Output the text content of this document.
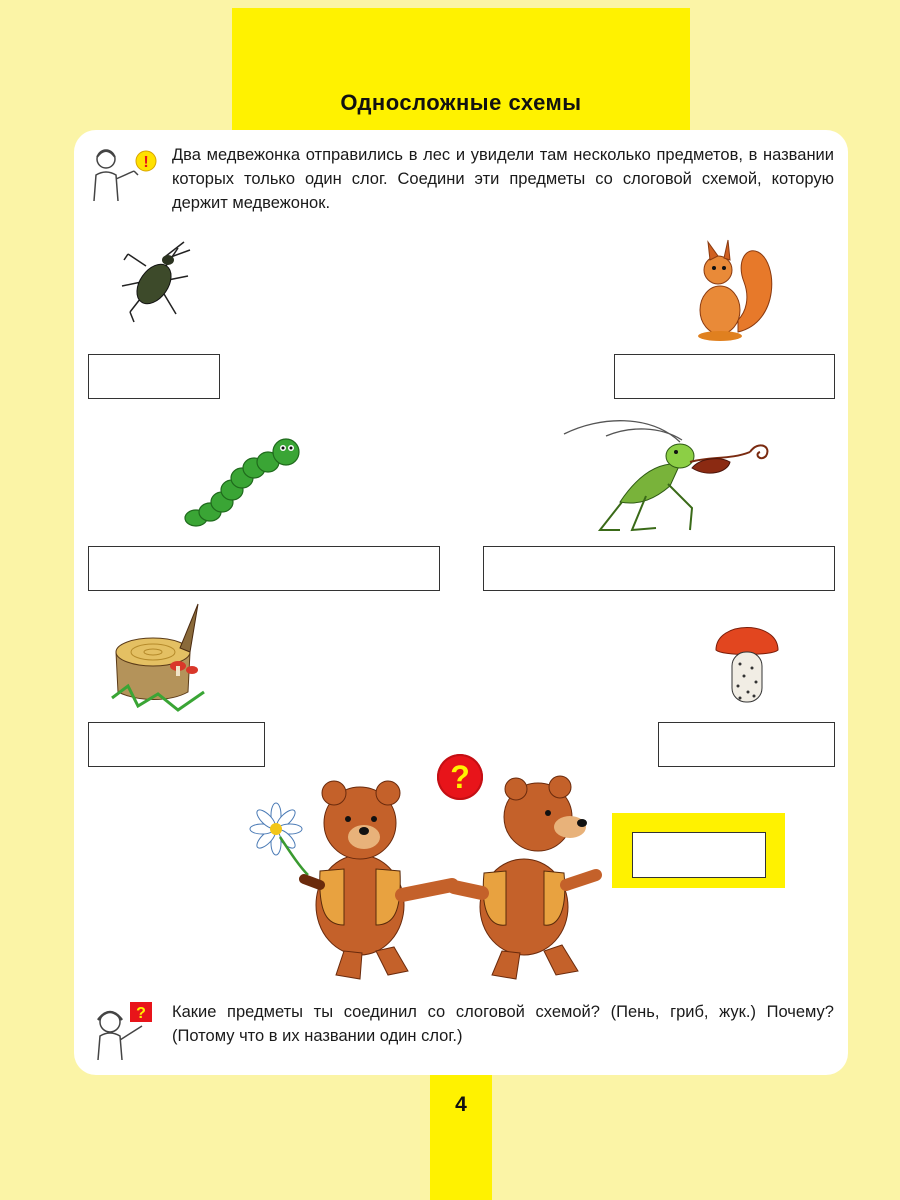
Односложные схемы
! Два медвежонка отправились в лес и увидели там несколько предметов, в названии которых только один слог. Соедини эти предметы со слоговой схемой, которую держит медвежонок.
?
? Какие предметы ты соединил со слоговой схемой? (Пень, гриб, жук.) Почему? (Потому что в их названии один слог.)
4
